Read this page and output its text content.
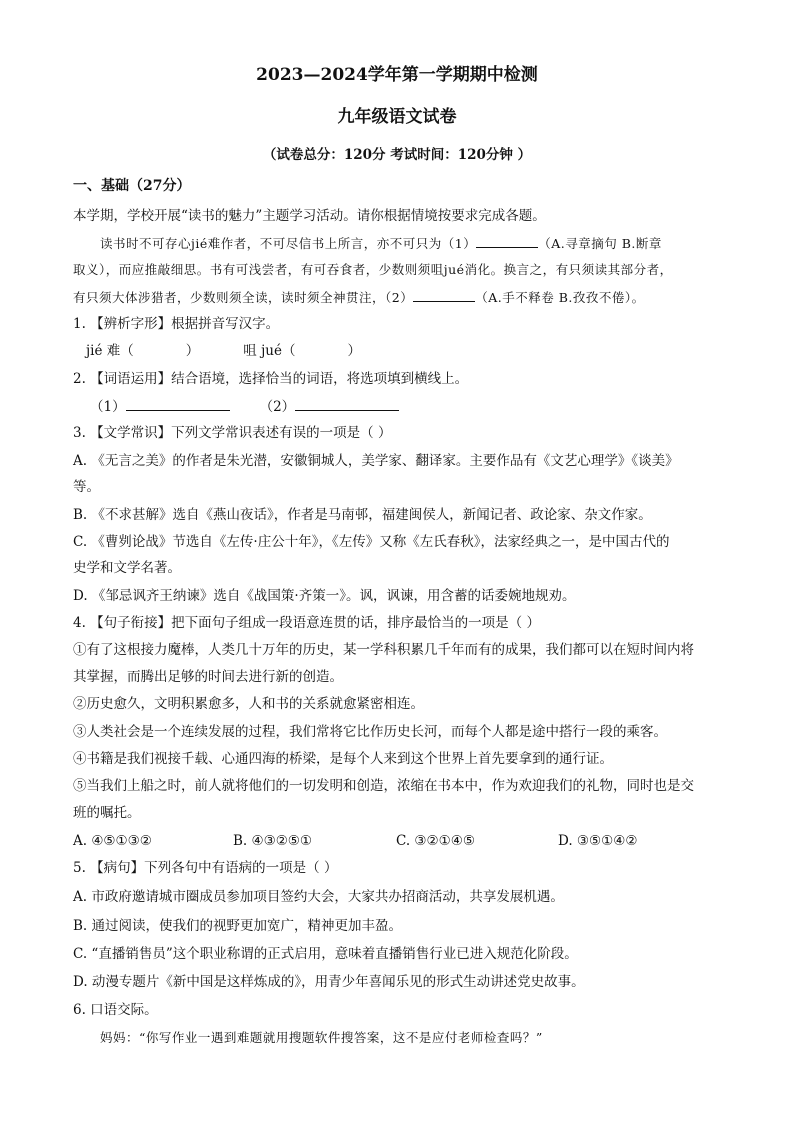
2023—2024学年第一学期期中检测
九年级语文试卷
（试卷总分：120分 考试时间：120分钟 ）
一、基础（27分）
本学期，学校开展“读书的魅力”主题学习活动。请你根据情境按要求完成各题。
读书时不可存心jié难作者，不可尽信书上所言，亦不可只为（1）	（A.寻章摘句 B.断章
取义），而应推敲细思。书有可浅尝者，有可吞食者，少数则须咀jué消化。换言之，有只须读其部分者，
有只须大体涉猎者，少数则须全读，读时须全神贯注，（2）	（A.手不释卷 B.孜孜不倦）。
1. 【辨析字形】根据拼音写汉字。
jié 难（	）	咀 jué（	）
2. 【词语运用】结合语境，选择恰当的词语，将选项填到横线上。
（1）	（2）
3. 【文学常识】下列文学常识表述有误的一项是（ ）
A. 《无言之美》的作者是朱光潜，安徽铜城人，美学家、翻译家。主要作品有《文艺心理学》《谈美》
等。
B. 《不求甚解》选自《燕山夜话》，作者是马南邨，福建闽侯人，新闻记者、政论家、杂文作家。
C. 《曹刿论战》节选自《左传·庄公十年》，《左传》又称《左氏春秋》，法家经典之一，是中国古代的
史学和文学名著。
D. 《邹忌讽齐王纳谏》选自《战国策·齐策一》。讽，讽谏，用含蓄的话委婉地规劝。
4. 【句子衔接】把下面句子组成一段语意连贯的话，排序最恰当的一项是（ ）
①有了这根接力魔棒，人类几十万年的历史，某一学科积累几千年而有的成果，我们都可以在短时间内将
其掌握，而腾出足够的时间去进行新的创造。
②历史愈久，文明积累愈多，人和书的关系就愈紧密相连。
③人类社会是一个连续发展的过程，我们常将它比作历史长河，而每个人都是途中搭行一段的乘客。
④书籍是我们视接千载、心通四海的桥梁，是每个人来到这个世界上首先要拿到的通行证。
⑤当我们上船之时，前人就将他们的一切发明和创造，浓缩在书本中，作为欢迎我们的礼物，同时也是交
班的嘱托。
A. ④⑤①③②	B. ④③②⑤①	C. ③②①④⑤	D. ③⑤①④②
5. 【病句】下列各句中有语病的一项是（ ）
A. 市政府邀请城市圈成员参加项目签约大会，大家共办招商活动，共享发展机遇。
B. 通过阅读，使我们的视野更加宽广，精神更加丰盈。
C. “直播销售员”这个职业称谓的正式启用，意味着直播销售行业已进入规范化阶段。
D. 动漫专题片《新中国是这样炼成的》，用青少年喜闻乐见的形式生动讲述党史故事。
6. 口语交际。
妈妈：“你写作业一遇到难题就用搜题软件搜答案，这不是应付老师检查吗？”
